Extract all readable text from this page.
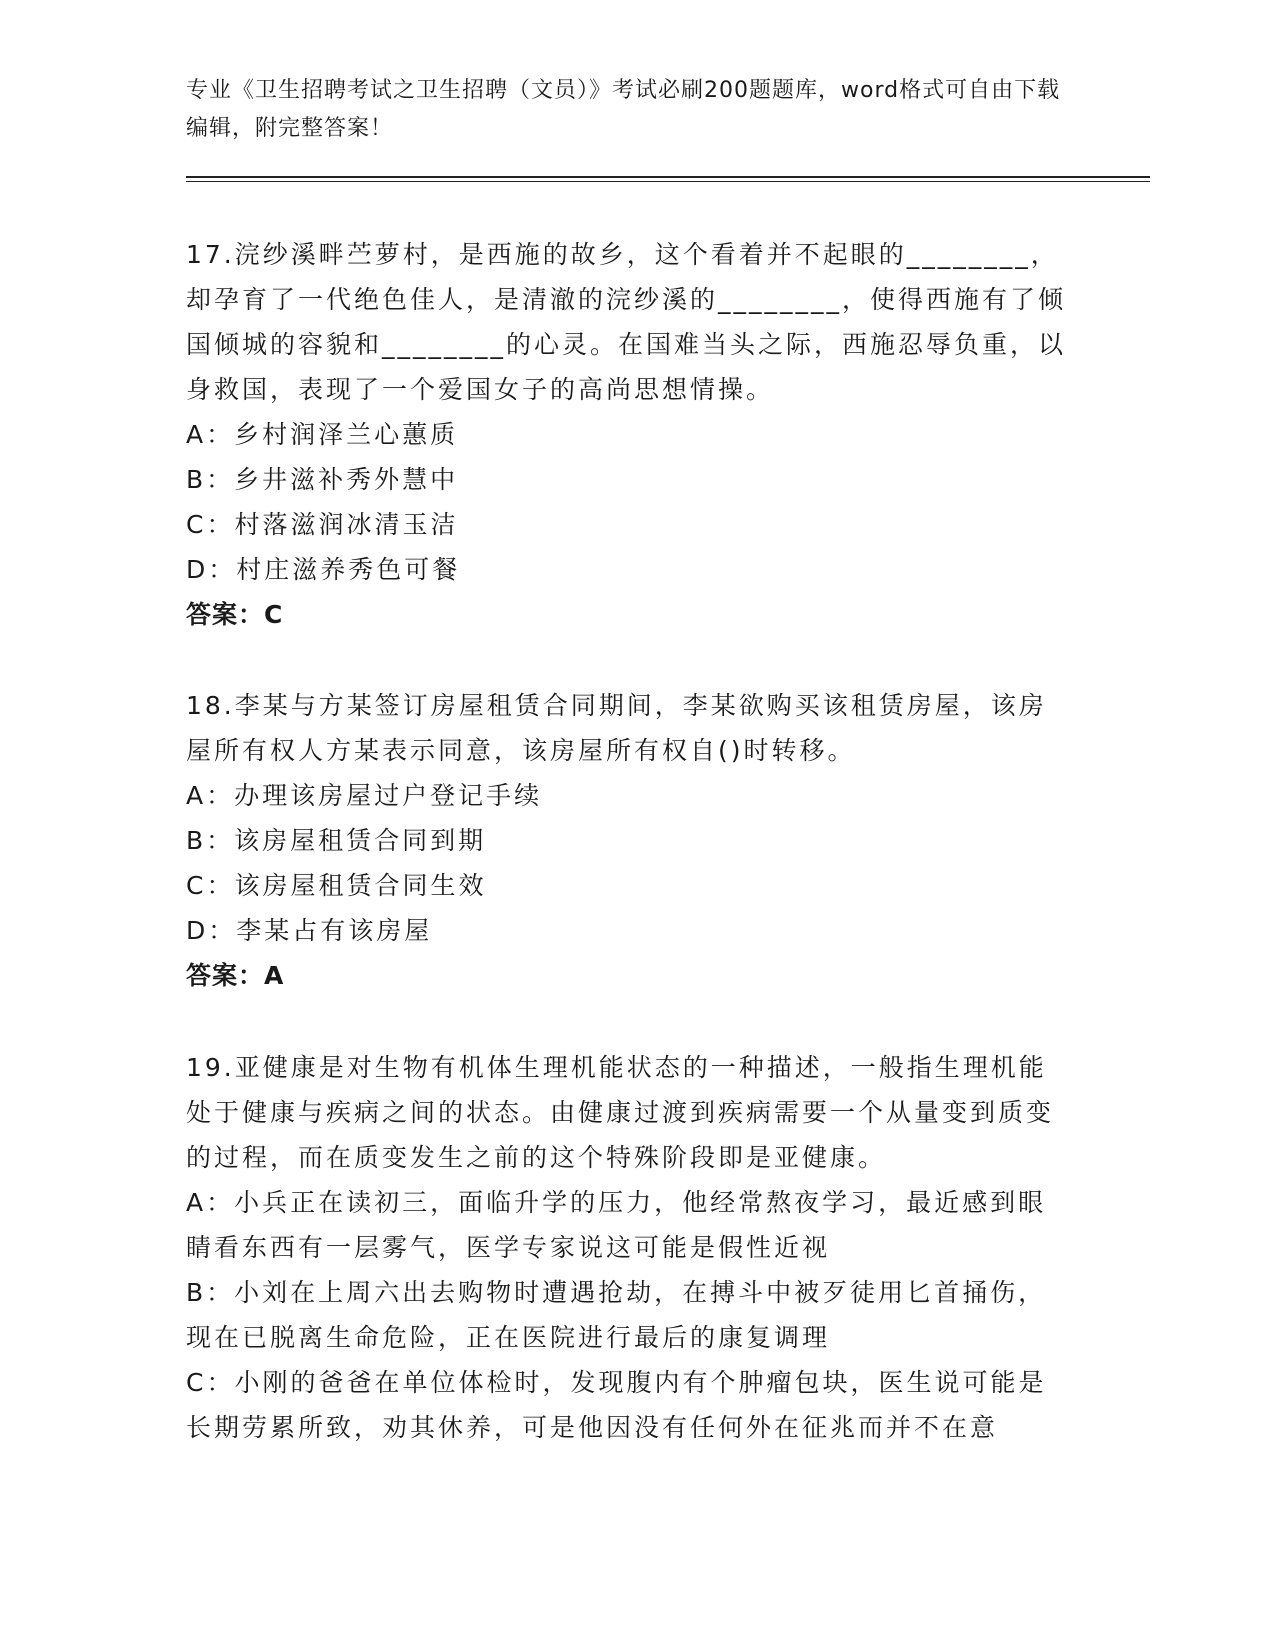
专业《卫生招聘考试之卫生招聘（文员）》考试必刷200题题库，word格式可自由下载编辑，附完整答案！

17.浣纱溪畔苎萝村，是西施的故乡，这个看着并不起眼的________，却孕育了一代绝色佳人，是清澈的浣纱溪的________，使得西施有了倾国倾城的容貌和________的心灵。在国难当头之际，西施忍辱负重，以身救国，表现了一个爱国女子的高尚思想情操。

A：乡村润泽兰心蕙质

B：乡井滋补秀外慧中

C：村落滋润冰清玉洁

D：村庄滋养秀色可餐

答案：C

18.李某与方某签订房屋租赁合同期间，李某欲购买该租赁房屋，该房屋所有权人方某表示同意，该房屋所有权自()时转移。

A：办理该房屋过户登记手续

B：该房屋租赁合同到期

C：该房屋租赁合同生效

D：李某占有该房屋

答案：A

19.亚健康是对生物有机体生理机能状态的一种描述，一般指生理机能处于健康与疾病之间的状态。由健康过渡到疾病需要一个从量变到质变的过程，而在质变发生之前的这个特殊阶段即是亚健康。

A：小兵正在读初三，面临升学的压力，他经常熬夜学习，最近感到眼睛看东西有一层雾气，医学专家说这可能是假性近视

B：小刘在上周六出去购物时遭遇抢劫，在搏斗中被歹徒用匕首捅伤，现在已脱离生命危险，正在医院进行最后的康复调理

C：小刚的爸爸在单位体检时，发现腹内有个肿瘤包块，医生说可能是长期劳累所致，劝其休养，可是他因没有任何外在征兆而并不在意
